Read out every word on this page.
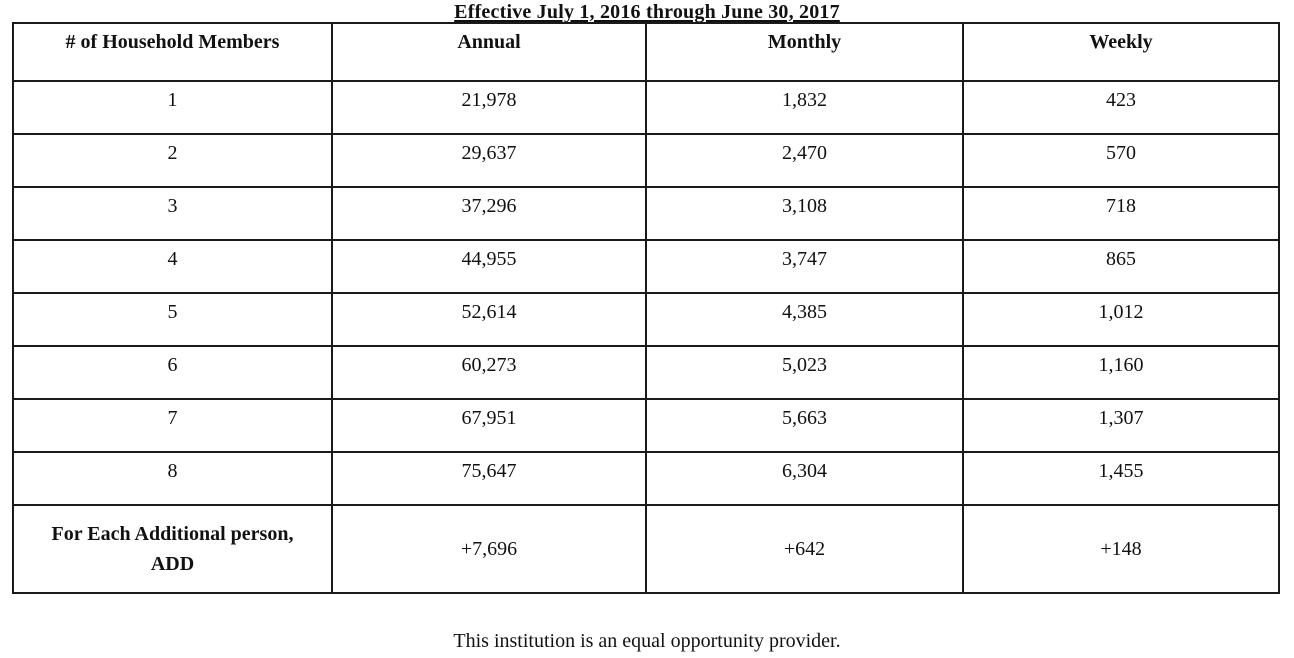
Effective July 1, 2016 through June 30, 2017
# of Household Members	Annual	Monthly	Weekly
1	21,978	1,832	423
2	29,637	2,470	570
3	37,296	3,108	718
4	44,955	3,747	865
5	52,614	4,385	1,012
6	60,273	5,023	1,160
7	67,951	5,663	1,307
8	75,647	6,304	1,455
For Each Additional person,
ADD	+7,696	+642	+148
This institution is an equal opportunity provider.
